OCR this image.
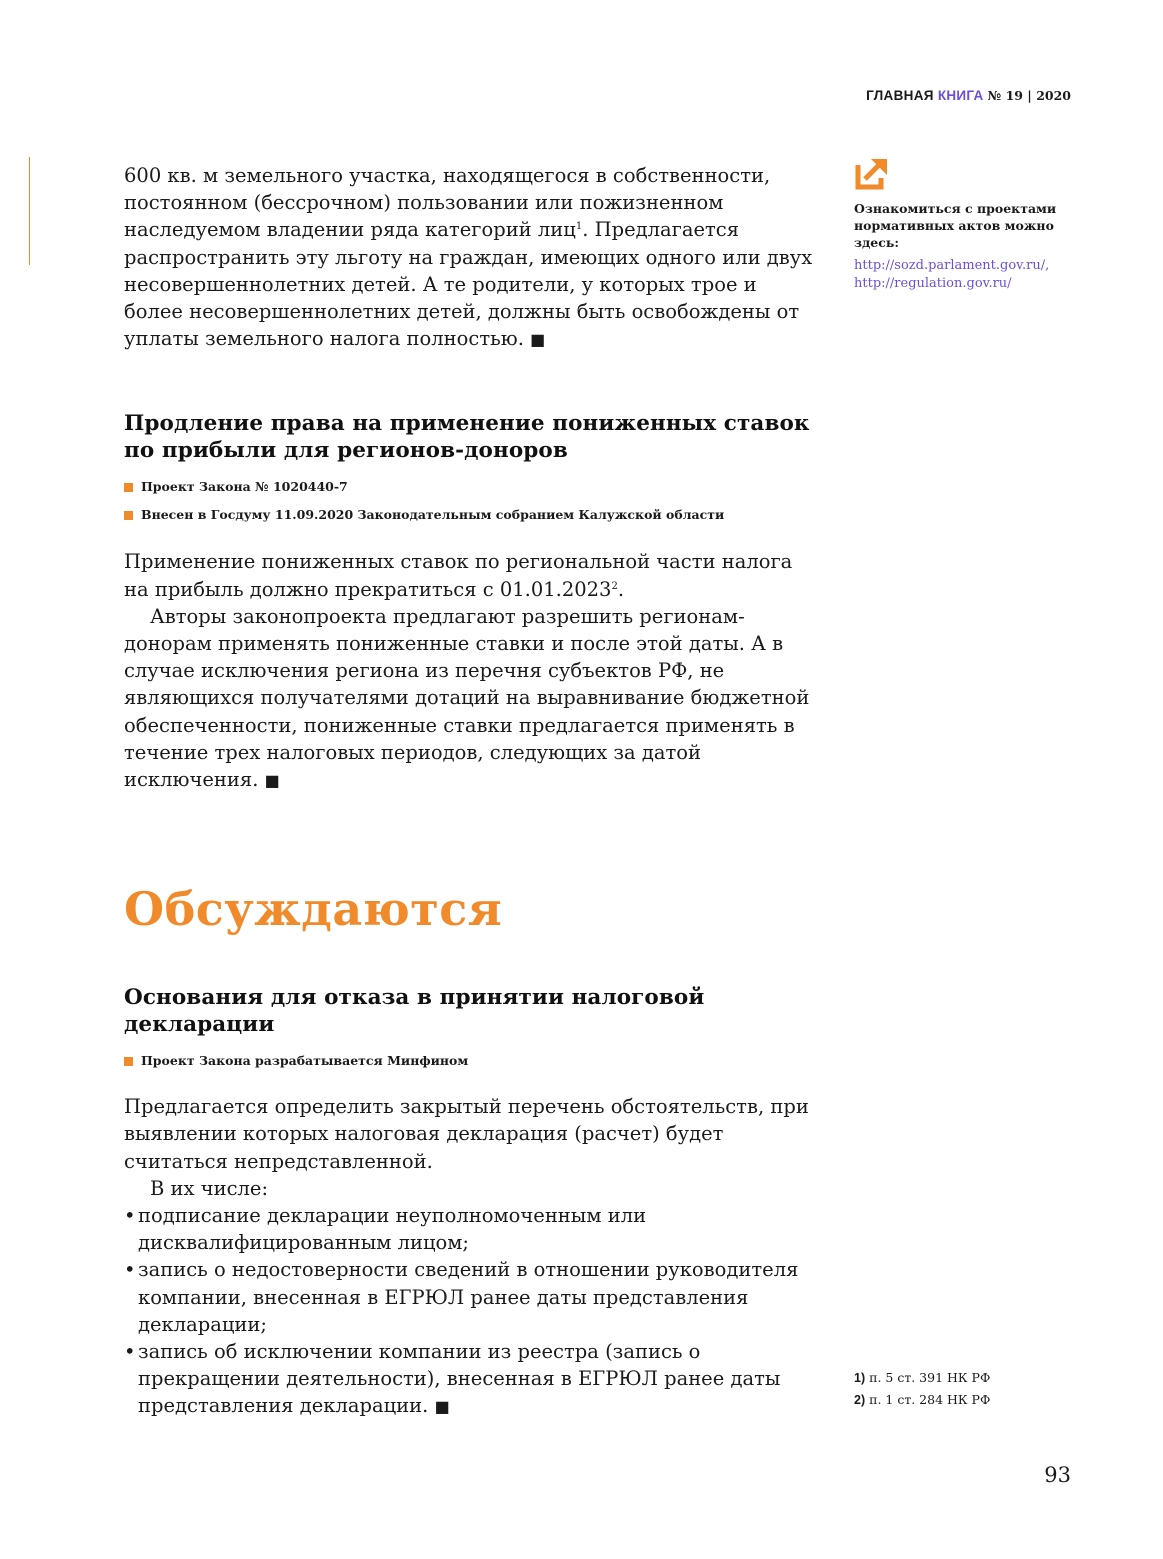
ГЛАВНАЯ КНИГА № 19 | 2020

600 кв. м земельного участка, находящегося в собственности, постоянном (бессрочном) пользовании или пожизненном наследуемом владении ряда категорий лиц$^1$. Предлагается распространить эту льготу на граждан, имеющих одного или двух несовершеннолетних детей. А те родители, у которых трое и более несовершеннолетних детей, должны быть освобождены от уплаты земельного налога полностью. ■

Продление права на применение пониженных ставок по прибыли для регионов-доноров
Проект Закона № 1020440-7
Внесен в Госдуму 11.09.2020 Законодательным собранием Калужской области

Применение пониженных ставок по региональной части налога на прибыль должно прекратиться с 01.01.2023$^2$.

Авторы законопроекта предлагают разрешить регионам-донорам применять пониженные ставки и после этой даты. А в случае исключения региона из перечня субъектов РФ, не являющихся получателями дотаций на выравнивание бюджетной обеспеченности, пониженные ставки предлагается применять в течение трех налоговых периодов, следующих за датой исключения. ■

Обсуждаются
Основания для отказа в принятии налоговой декларации
Проект Закона разрабатывается Минфином

Предлагается определить закрытый перечень обстоятельств, при выявлении которых налоговая декларация (расчет) будет считаться непредставленной.

В их числе:

• подписание декларации неуполномоченным или дисквалифицированным лицом;
• запись о недостоверности сведений в отношении руководителя компании, внесенная в ЕГРЮЛ ранее даты представления декларации;
• запись об исключении компании из реестра (запись о прекращении деятельности), внесенная в ЕГРЮЛ ранее даты представления декларации. ■
Ознакомиться с проектами нормативных актов можно здесь:
http://sozd.parlament.gov.ru/,
http://regulation.gov.ru/
1) п. 5 ст. 391 НК РФ
2) п. 1 ст. 284 НК РФ
93
